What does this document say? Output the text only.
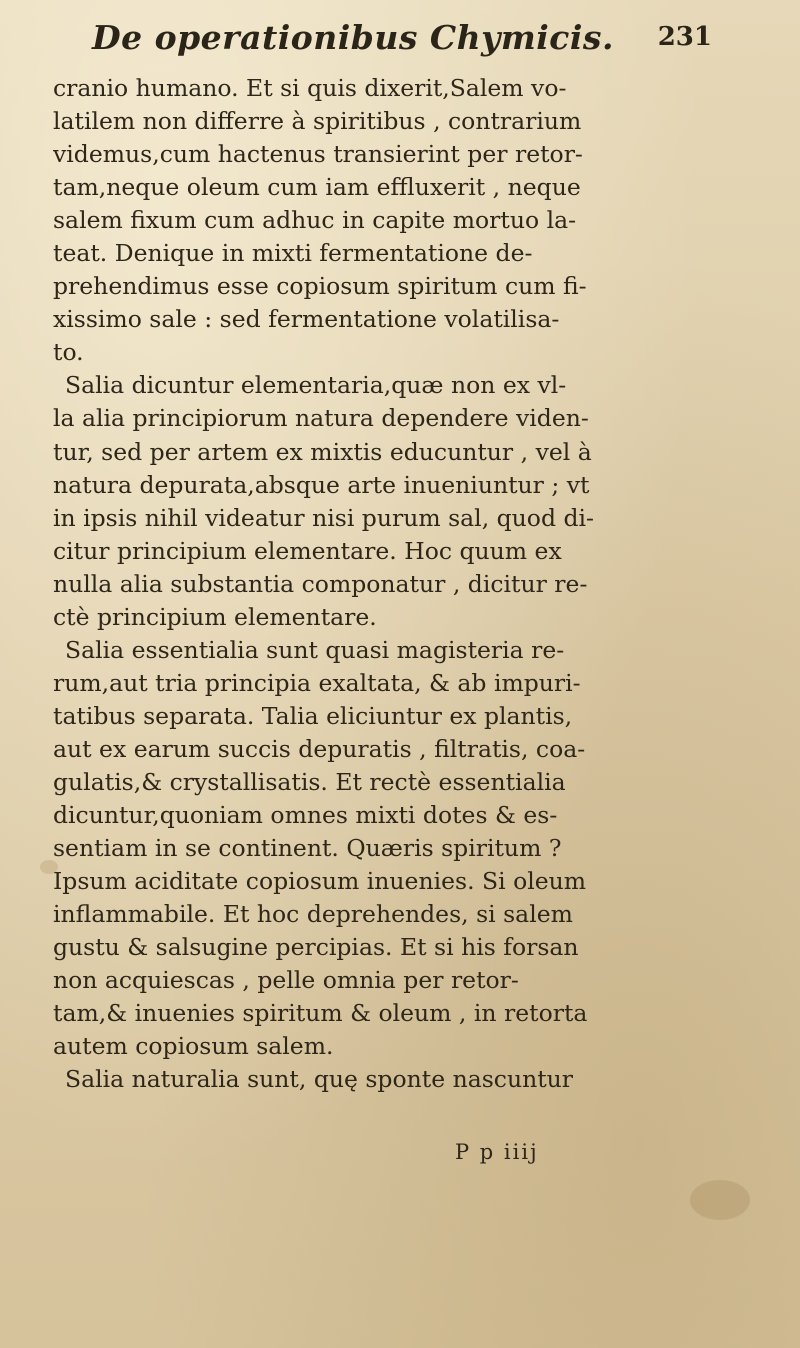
De operationibus Chymicis. 231
cranio humano. Et si quis dixerit,Salem vo-
latilem non differre à spiritibus , contrarium
videmus,cum hactenus transierint per retor-
tam,neque oleum cum iam effluxerit , neque
salem fixum cum adhuc in capite mortuo la-
teat. Denique in mixti fermentatione de-
prehendimus esse copiosum spiritum cum fi-
xissimo sale : sed fermentatione volatilisa-
to.
Salia dicuntur elementaria,quæ non ex vl-
la alia principiorum natura dependere viden-
tur, sed per artem ex mixtis educuntur , vel à
natura depurata,absque arte inueniuntur ; vt
in ipsis nihil videatur nisi purum sal, quod di-
citur principium elementare. Hoc quum ex
nulla alia substantia componatur , dicitur re-
ctè principium elementare.
Salia essentialia sunt quasi magisteria re-
rum,aut tria principia exaltata, & ab impuri-
tatibus separata. Talia eliciuntur ex plantis,
aut ex earum succis depuratis , filtratis, coa-
gulatis,& crystallisatis. Et rectè essentialia
dicuntur,quoniam omnes mixti dotes & es-
sentiam in se continent. Quæris spiritum ?
Ipsum aciditate copiosum inuenies. Si oleum
inflammabile. Et hoc deprehendes, si salem
gustu & salsugine percipias. Et si his forsan
non acquiescas , pelle omnia per retor-
tam,& inuenies spiritum & oleum , in retorta
autem copiosum salem.
Salia naturalia sunt, quę sponte nascuntur
P p iiij
